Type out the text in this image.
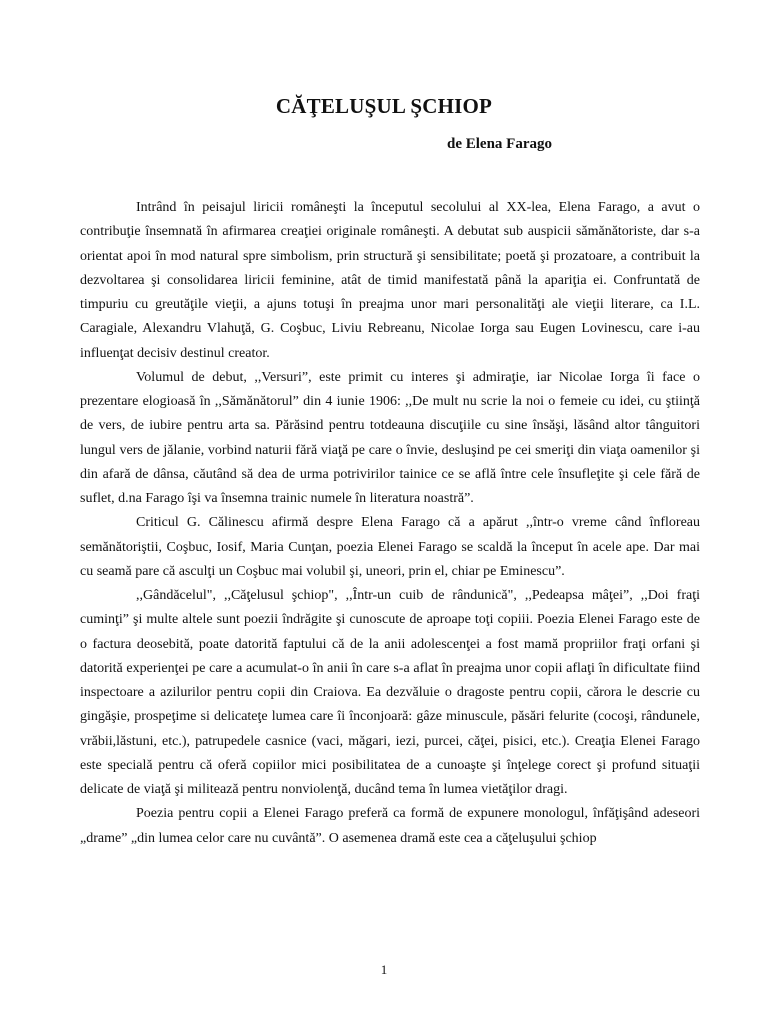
CĂŢELUŞUL ŞCHIOP

de Elena Farago

Intrând în peisajul liricii româneşti la începutul secolului al XX-lea, Elena Farago, a avut o contribuţie însemnată în afirmarea creaţiei originale româneşti. A debutat sub auspicii sămănătoriste, dar s-a orientat apoi în mod natural spre simbolism, prin structură şi sensibilitate; poetă şi prozatoare, a contribuit la dezvoltarea şi consolidarea liricii feminine, atât de timid manifestată până la apariţia ei. Confruntată de timpuriu cu greutăţile vieţii, a ajuns totuşi în preajma unor mari personalităţi ale vieţii literare, ca I.L. Caragiale, Alexandru Vlahuţă, G. Coşbuc, Liviu Rebreanu, Nicolae Iorga sau Eugen Lovinescu, care i-au influenţat decisiv destinul creator.

Volumul de debut, ,,Versuri”, este primit cu interes şi admiraţie, iar Nicolae Iorga îi face o prezentare elogioasă în ,,Sămănătorul” din 4 iunie 1906: ,,De mult nu scrie la noi o femeie cu idei, cu ştiinţă de vers, de iubire pentru arta sa. Părăsind pentru totdeauna discuţiile cu sine însăşi, lăsând altor tânguitori lungul vers de jălanie, vorbind naturii fără viaţă pe care o învie, desluşind pe cei smeriţi din viaţa oamenilor şi din afară de dânsa, căutând să dea de urma potrivirilor tainice ce se află între cele însufleţite şi cele fără de suflet, d.na Farago îşi va însemna trainic numele în literatura noastră”.

Criticul G. Călinescu afirmă despre Elena Farago că a apărut ,,într-o vreme când înfloreau semănătoriştii, Coşbuc, Iosif, Maria Cunţan, poezia Elenei Farago se scaldă la început în acele ape. Dar mai cu seamă pare că asculţi un Coşbuc mai volubil şi, uneori, prin el, chiar pe Eminescu”.

,,Gândăcelul", ,,Căţelusul şchiop", ,,Într-un cuib de rândunică", ,,Pedeapsa mâţei”, ,,Doi fraţi cuminţi” şi multe altele sunt poezii îndrăgite şi cunoscute de aproape toţi copiii. Poezia Elenei Farago este de o factura deosebită, poate datorită faptului că de la anii adolescenţei a fost mamă propriilor fraţi orfani şi datorită experienţei pe care a acumulat-o în anii în care s-a aflat în preajma unor copii aflaţi în dificultate fiind inspectoare a azilurilor pentru copii din Craiova. Ea dezvăluie o dragoste pentru copii, cărora le descrie cu gingăşie, prospeţime si delicateţe lumea care îi înconjoară: gâze minuscule, păsări felurite (cocoşi, rândunele, vrăbii,lăstuni, etc.), patrupedele casnice (vaci, măgari, iezi, purcei, căţei, pisici, etc.). Creaţia Elenei Farago este specială pentru că oferă copiilor mici posibilitatea de a cunoaşte şi înţelege corect şi profund situaţii delicate de viaţă şi militează pentru nonviolenţă, ducând tema în lumea vietăţilor dragi.

Poezia pentru copii a Elenei Farago preferă ca formă de expunere monologul, înfăţişând adeseori „drame” „din lumea celor care nu cuvântă”. O asemenea dramă este cea a căţeluşului şchiop

1
